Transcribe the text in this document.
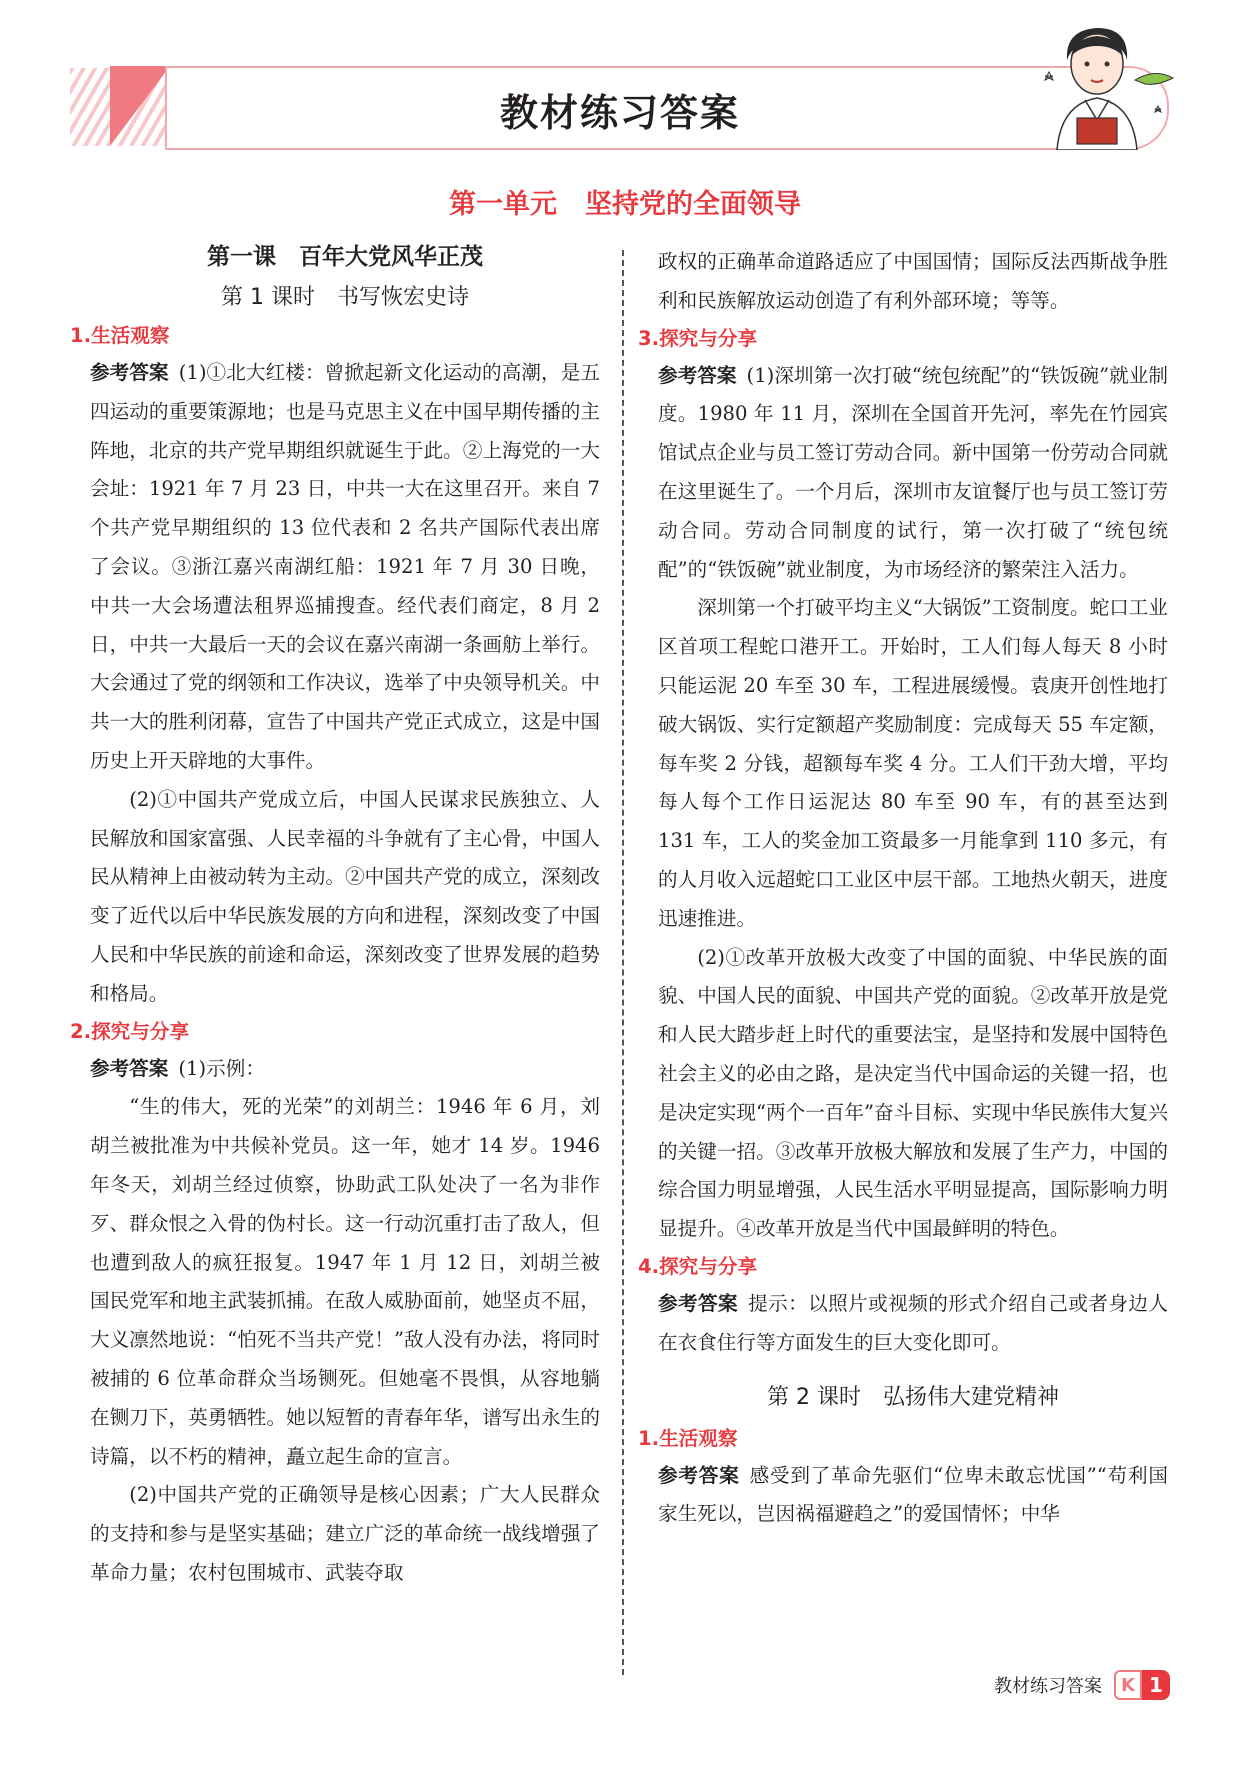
教材练习答案
第一单元 坚持党的全面领导
第一课　百年大党风华正茂
第 1 课时　书写恢宏史诗
1.生活观察

参考答案 (1)①北大红楼：曾掀起新文化运动的高潮，是五四运动的重要策源地；也是马克思主义在中国早期传播的主阵地，北京的共产党早期组织就诞生于此。②上海党的一大会址：1921 年 7 月 23 日，中共一大在这里召开。来自 7 个共产党早期组织的 13 位代表和 2 名共产国际代表出席了会议。③浙江嘉兴南湖红船：1921 年 7 月 30 日晚，中共一大会场遭法租界巡捕搜查。经代表们商定，8 月 2 日，中共一大最后一天的会议在嘉兴南湖一条画舫上举行。大会通过了党的纲领和工作决议，选举了中央领导机关。中共一大的胜利闭幕，宣告了中国共产党正式成立，这是中国历史上开天辟地的大事件。

(2)①中国共产党成立后，中国人民谋求民族独立、人民解放和国家富强、人民幸福的斗争就有了主心骨，中国人民从精神上由被动转为主动。②中国共产党的成立，深刻改变了近代以后中华民族发展的方向和进程，深刻改变了中国人民和中华民族的前途和命运，深刻改变了世界发展的趋势和格局。

2.探究与分享

参考答案 (1)示例：

“生的伟大，死的光荣”的刘胡兰：1946 年 6 月，刘胡兰被批准为中共候补党员。这一年，她才 14 岁。1946 年冬天，刘胡兰经过侦察，协助武工队处决了一名为非作歹、群众恨之入骨的伪村长。这一行动沉重打击了敌人，但也遭到敌人的疯狂报复。1947 年 1 月 12 日，刘胡兰被国民党军和地主武装抓捕。在敌人威胁面前，她坚贞不屈，大义凛然地说：“怕死不当共产党！”敌人没有办法，将同时被捕的 6 位革命群众当场铡死。但她毫不畏惧，从容地躺在铡刀下，英勇牺牲。她以短暂的青春年华，谱写出永生的诗篇，以不朽的精神，矗立起生命的宣言。

(2)中国共产党的正确领导是核心因素；广大人民群众的支持和参与是坚实基础；建立广泛的革命统一战线增强了革命力量；农村包围城市、武装夺取

政权的正确革命道路适应了中国国情；国际反法西斯战争胜利和民族解放运动创造了有利外部环境；等等。

3.探究与分享

参考答案 (1)深圳第一次打破“统包统配”的“铁饭碗”就业制度。1980 年 11 月，深圳在全国首开先河，率先在竹园宾馆试点企业与员工签订劳动合同。新中国第一份劳动合同就在这里诞生了。一个月后，深圳市友谊餐厅也与员工签订劳动合同。劳动合同制度的试行，第一次打破了“统包统配”的“铁饭碗”就业制度，为市场经济的繁荣注入活力。

深圳第一个打破平均主义“大锅饭”工资制度。蛇口工业区首项工程蛇口港开工。开始时，工人们每人每天 8 小时只能运泥 20 车至 30 车，工程进展缓慢。袁庚开创性地打破大锅饭、实行定额超产奖励制度：完成每天 55 车定额，每车奖 2 分钱，超额每车奖 4 分。工人们干劲大增，平均每人每个工作日运泥达 80 车至 90 车，有的甚至达到 131 车，工人的奖金加工资最多一月能拿到 110 多元，有的人月收入远超蛇口工业区中层干部。工地热火朝天，进度迅速推进。

(2)①改革开放极大改变了中国的面貌、中华民族的面貌、中国人民的面貌、中国共产党的面貌。②改革开放是党和人民大踏步赶上时代的重要法宝，是坚持和发展中国特色社会主义的必由之路，是决定当代中国命运的关键一招，也是决定实现“两个一百年”奋斗目标、实现中华民族伟大复兴的关键一招。③改革开放极大解放和发展了生产力，中国的综合国力明显增强，人民生活水平明显提高，国际影响力明显提升。④改革开放是当代中国最鲜明的特色。

4.探究与分享

参考答案 提示：以照片或视频的形式介绍自己或者身边人在衣食住行等方面发生的巨大变化即可。

第 2 课时　弘扬伟大建党精神
1.生活观察

参考答案 感受到了革命先驱们“位卑未敢忘忧国”“苟利国家生死以，岂因祸福避趋之”的爱国情怀；中华

教材练习答案	K 1
